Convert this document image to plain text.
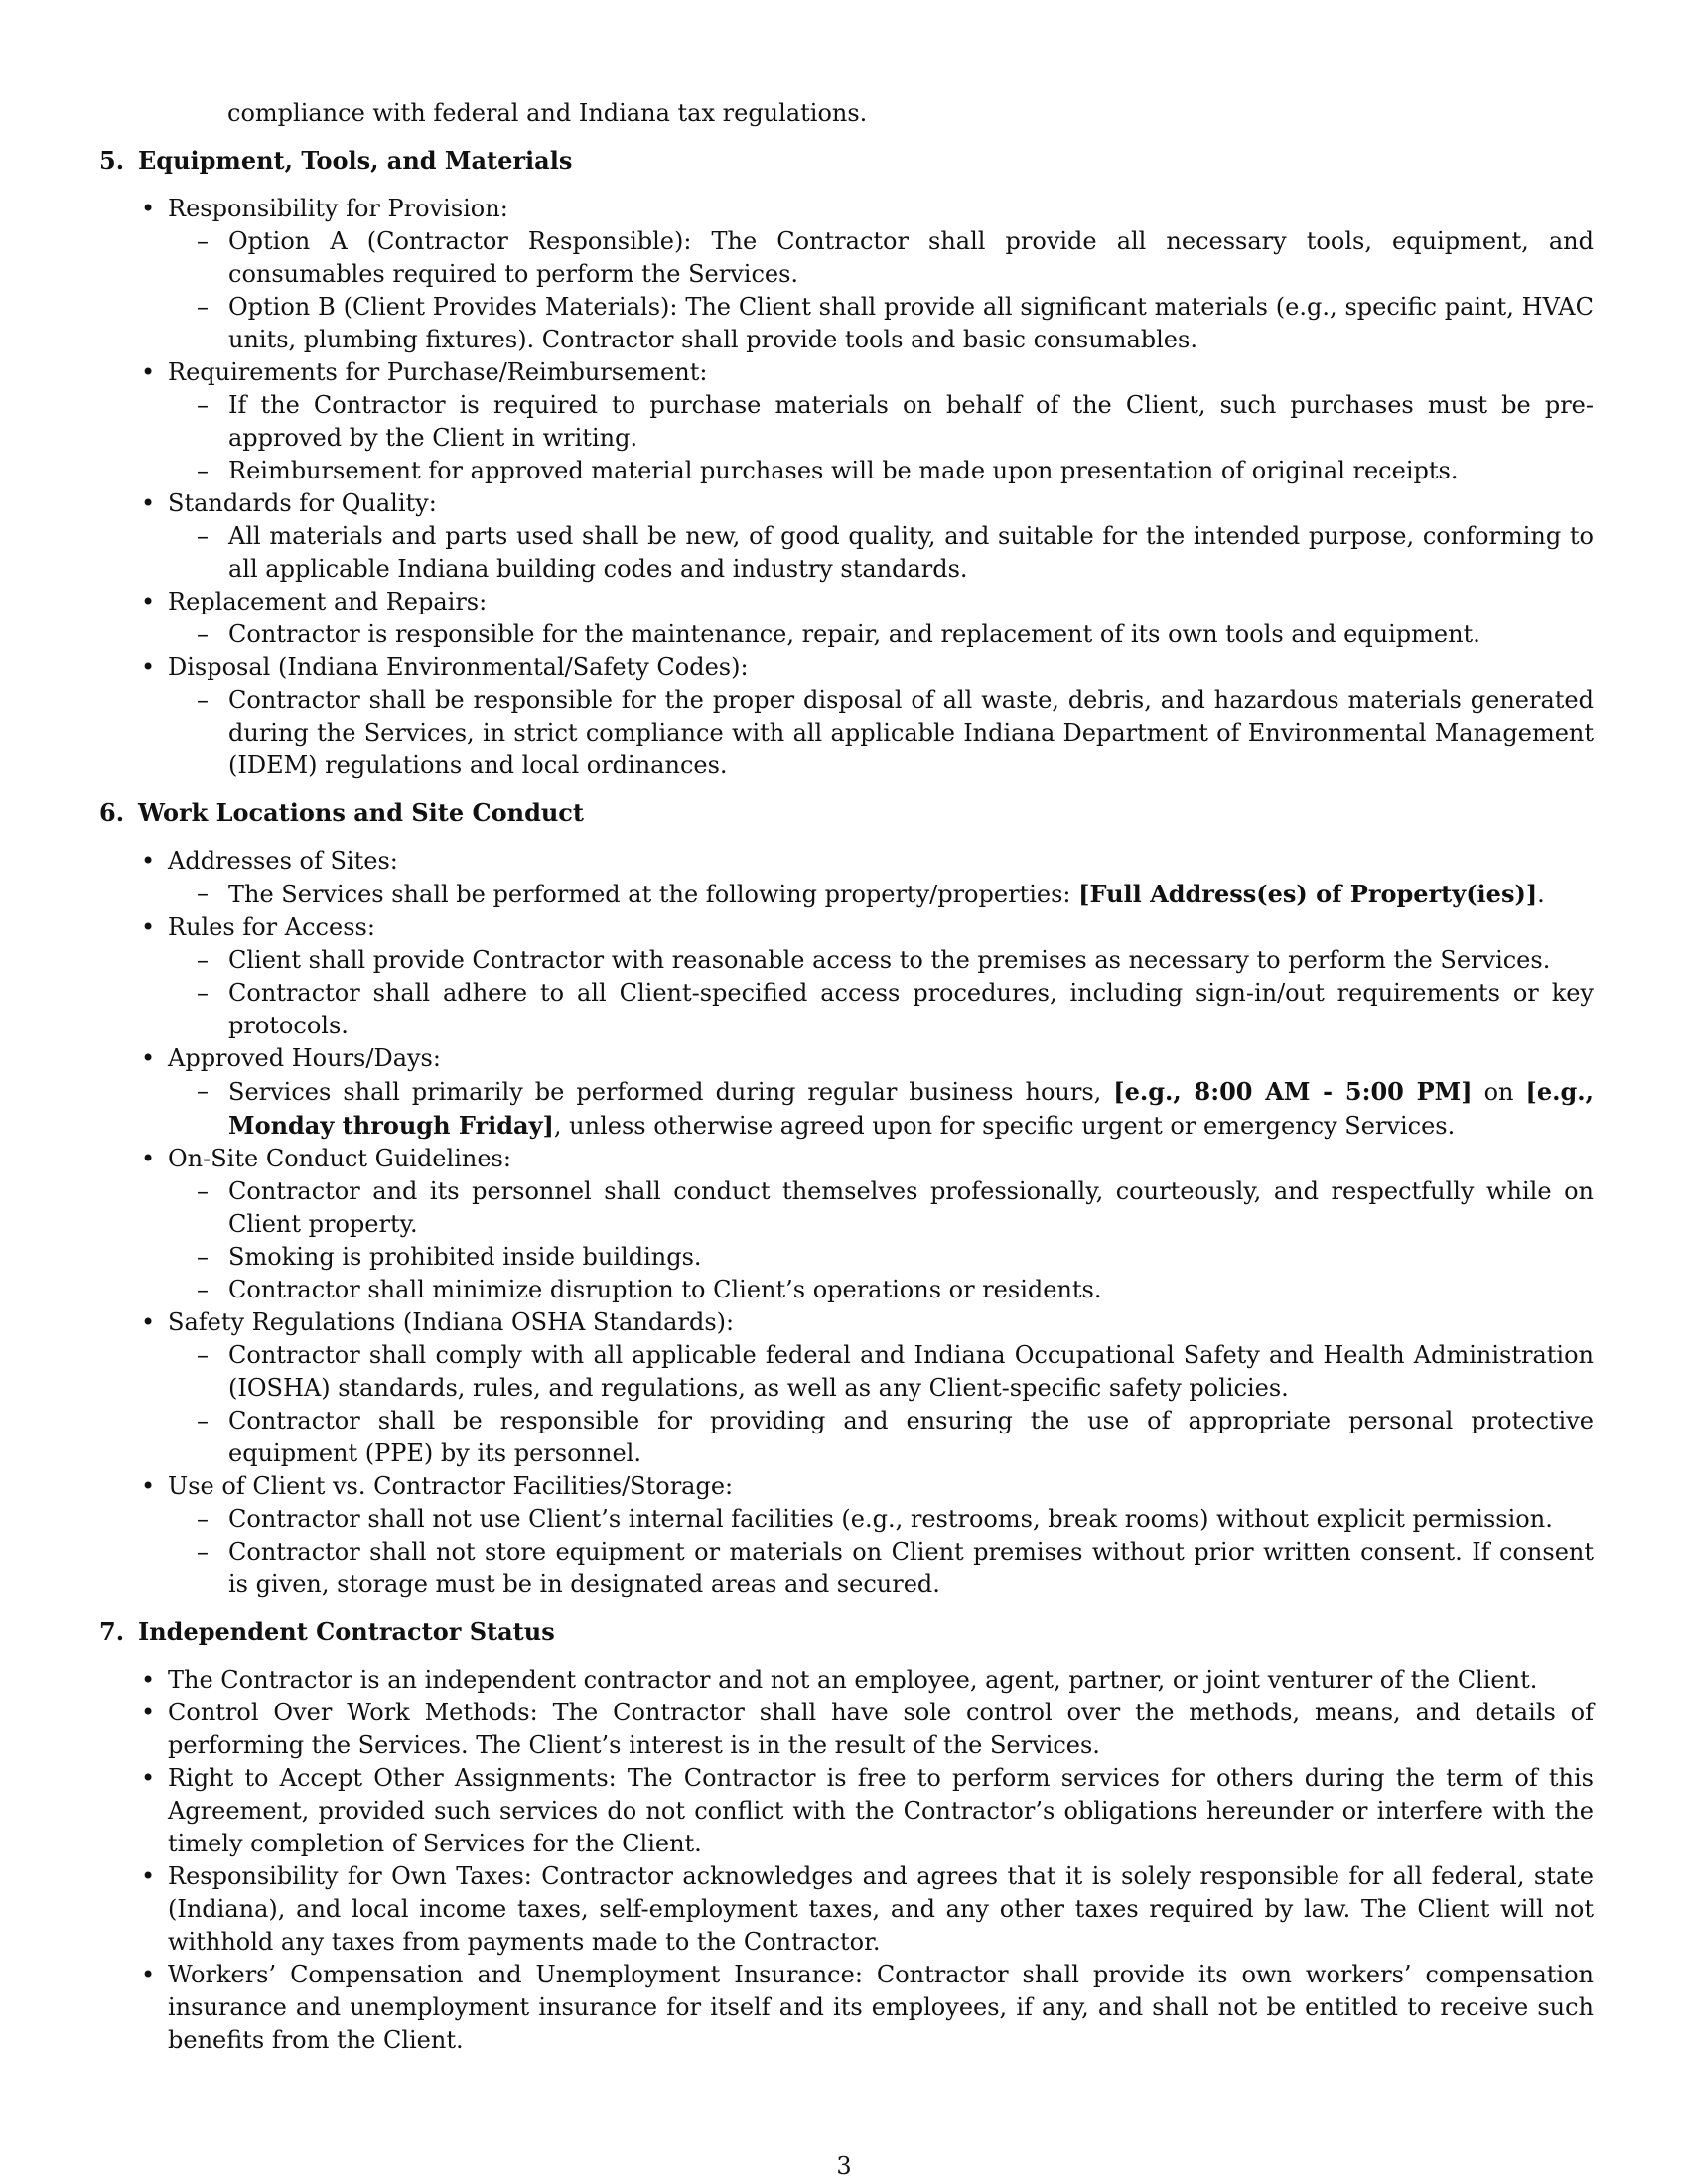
compliance with federal and Indiana tax regulations.
5. Equipment, Tools, and Materials
• Responsibility for Provision:
– Option A (Contractor Responsible): The Contractor shall provide all necessary tools, equipment, and consumables required to perform the Services.
– Option B (Client Provides Materials): The Client shall provide all significant materials (e.g., specific paint, HVAC units, plumbing fixtures). Contractor shall provide tools and basic consumables.
• Requirements for Purchase/Reimbursement:
– If the Contractor is required to purchase materials on behalf of the Client, such purchases must be pre-approved by the Client in writing.
– Reimbursement for approved material purchases will be made upon presentation of original receipts.
• Standards for Quality:
– All materials and parts used shall be new, of good quality, and suitable for the intended purpose, conforming to all applicable Indiana building codes and industry standards.
• Replacement and Repairs:
– Contractor is responsible for the maintenance, repair, and replacement of its own tools and equipment.
• Disposal (Indiana Environmental/Safety Codes):
– Contractor shall be responsible for the proper disposal of all waste, debris, and hazardous materials generated during the Services, in strict compliance with all applicable Indiana Department of Environmental Management (IDEM) regulations and local ordinances.
6. Work Locations and Site Conduct
• Addresses of Sites:
– The Services shall be performed at the following property/properties: [Full Address(es) of Property(ies)].
• Rules for Access:
– Client shall provide Contractor with reasonable access to the premises as necessary to perform the Services.
– Contractor shall adhere to all Client-specified access procedures, including sign-in/out requirements or key protocols.
• Approved Hours/Days:
– Services shall primarily be performed during regular business hours, [e.g., 8:00 AM - 5:00 PM] on [e.g., Monday through Friday], unless otherwise agreed upon for specific urgent or emergency Services.
• On-Site Conduct Guidelines:
– Contractor and its personnel shall conduct themselves professionally, courteously, and respectfully while on Client property.
– Smoking is prohibited inside buildings.
– Contractor shall minimize disruption to Client’s operations or residents.
• Safety Regulations (Indiana OSHA Standards):
– Contractor shall comply with all applicable federal and Indiana Occupational Safety and Health Administration (IOSHA) standards, rules, and regulations, as well as any Client-specific safety policies.
– Contractor shall be responsible for providing and ensuring the use of appropriate personal protective equipment (PPE) by its personnel.
• Use of Client vs. Contractor Facilities/Storage:
– Contractor shall not use Client’s internal facilities (e.g., restrooms, break rooms) without explicit permission.
– Contractor shall not store equipment or materials on Client premises without prior written consent. If consent is given, storage must be in designated areas and secured.
7. Independent Contractor Status
• The Contractor is an independent contractor and not an employee, agent, partner, or joint venturer of the Client.
• Control Over Work Methods: The Contractor shall have sole control over the methods, means, and details of performing the Services. The Client’s interest is in the result of the Services.
• Right to Accept Other Assignments: The Contractor is free to perform services for others during the term of this Agreement, provided such services do not conflict with the Contractor’s obligations hereunder or interfere with the timely completion of Services for the Client.
• Responsibility for Own Taxes: Contractor acknowledges and agrees that it is solely responsible for all federal, state (Indiana), and local income taxes, self-employment taxes, and any other taxes required by law. The Client will not withhold any taxes from payments made to the Contractor.
• Workers’ Compensation and Unemployment Insurance: Contractor shall provide its own workers’ compensation insurance and unemployment insurance for itself and its employees, if any, and shall not be entitled to receive such benefits from the Client.
3
